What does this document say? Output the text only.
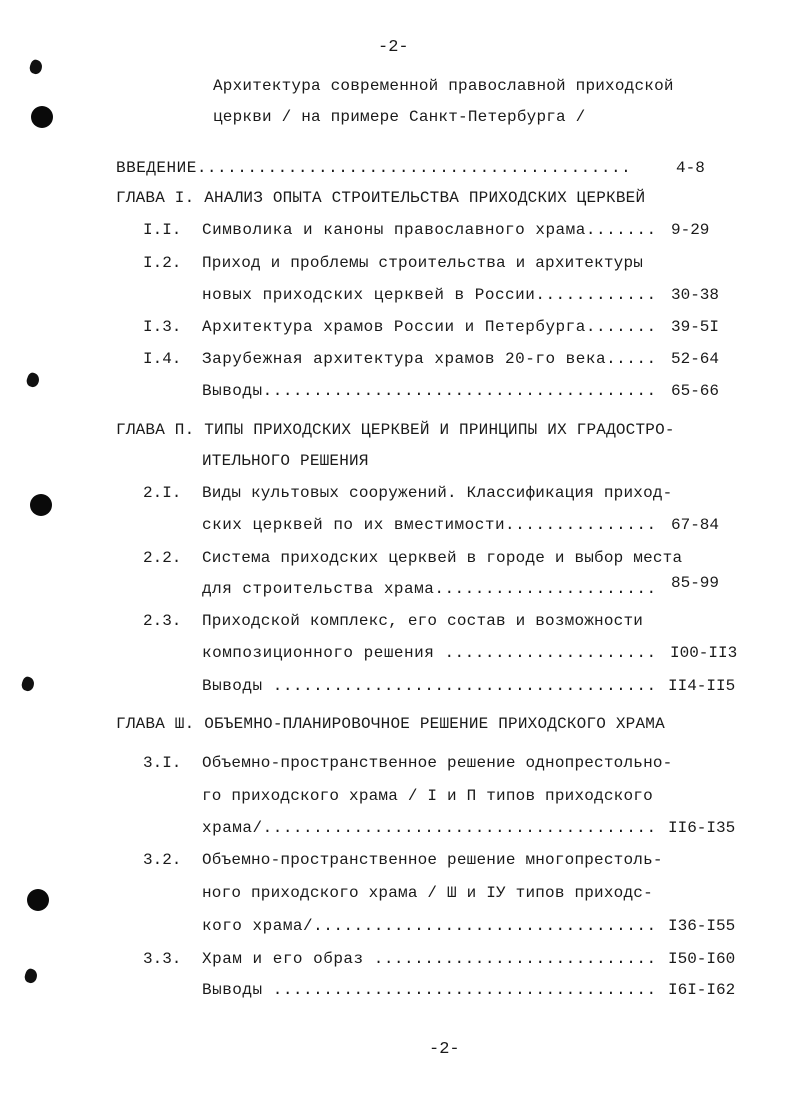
-2-
Архитектура современной православной приходской
церкви / на примере Санкт-Петербурга /
ВВЕДЕНИЕ...........................................	4-8
ГЛАВА I. АНАЛИЗ ОПЫТА СТРОИТЕЛЬСТВА ПРИХОДСКИХ ЦЕРКВЕЙ
I.I. Символика и каноны православного храма....... 9-29
I.2. Приход и проблемы строительства и архитектуры
новых приходских церквей в России............ 30-38
I.3. Архитектура храмов России и Петербурга....... 39-5I
I.4. Зарубежная архитектура храмов 20-го века..... 52-64
Выводы....................................... 65-66
ГЛАВА П. ТИПЫ ПРИХОДСКИХ ЦЕРКВЕЙ И ПРИНЦИПЫ ИХ ГРАДОСТРО-
ИТЕЛЬНОГО РЕШЕНИЯ
2.I. Виды культовых сооружений. Классификация приход-
ских церквей по их вместимости............... 67-84
2.2. Система приходских церквей в городе и выбор места
для строительства храма...................... 85-99
2.3. Приходской комплекс, его состав и возможности
композиционного решения ..................... I00-II3
Выводы ...................................... II4-II5
ГЛАВА Ш. ОБЪЕМНО-ПЛАНИРОВОЧНОЕ РЕШЕНИЕ ПРИХОДСКОГО ХРАМА
3.I. Объемно-пространственное решение однопрестольно-
го приходского храма / I и П типов приходского
храма/....................................... II6-I35
3.2. Объемно-пространственное решение многопрестоль-
ного приходского храма / Ш и IУ типов приходс-
кого храма/.................................. I36-I55
3.3. Храм и его образ ............................ I50-I60
Выводы ...................................... I6I-I62
-2-
